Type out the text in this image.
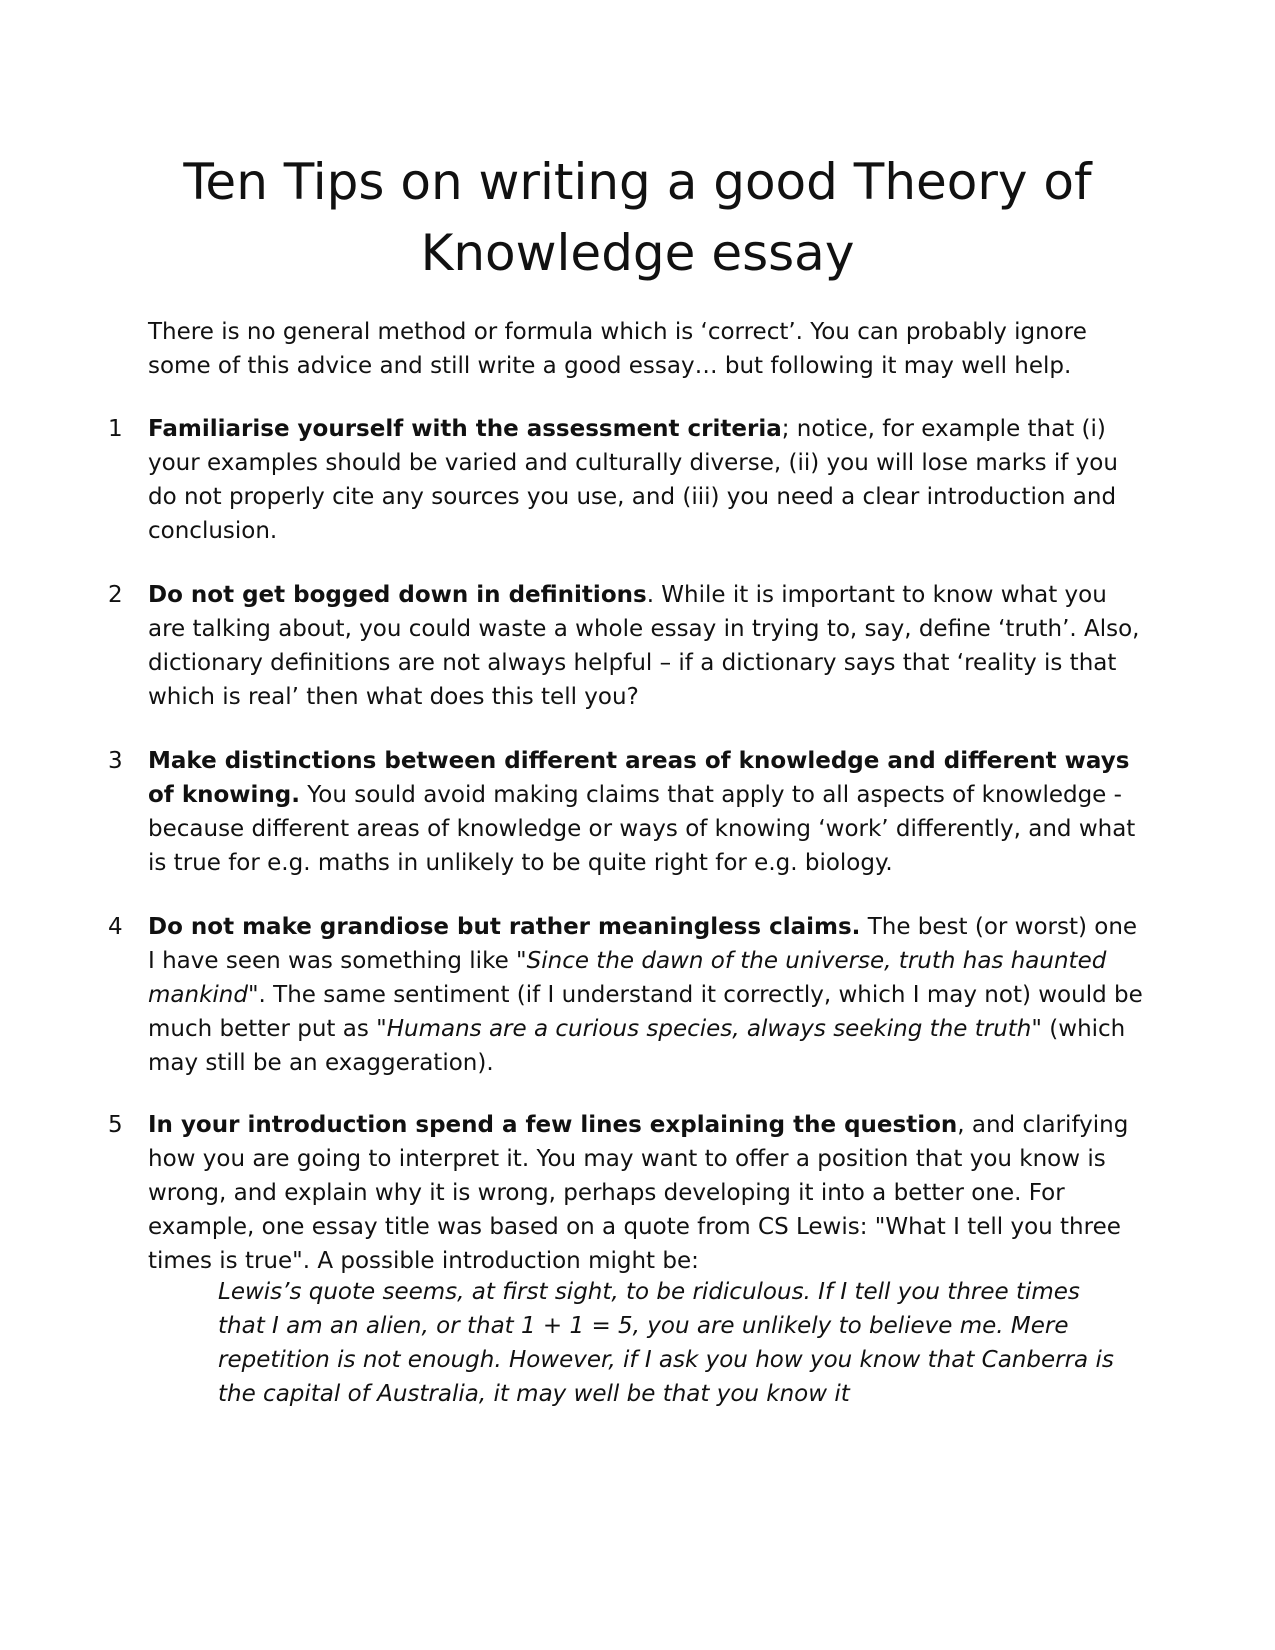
Ten Tips on writing a good Theory of
Knowledge essay

There is no general method or formula which is ‘correct’. You can probably ignore some of this advice and still write a good essay… but following it may well help.

1	Familiarise yourself with the assessment criteria; notice, for example that (i) your examples should be varied and culturally diverse, (ii) you will lose marks if you do not properly cite any sources you use, and (iii) you need a clear introduction and conclusion.

2	Do not get bogged down in definitions. While it is important to know what you are talking about, you could waste a whole essay in trying to, say, define ‘truth’. Also, dictionary definitions are not always helpful – if a dictionary says that ‘reality is that which is real’ then what does this tell you?

3	Make distinctions between different areas of knowledge and different ways of knowing. You sould avoid making claims that apply to all aspects of knowledge - because different areas of knowledge or ways of knowing ‘work’ differently, and what is true for e.g. maths in unlikely to be quite right for e.g. biology.

4	Do not make grandiose but rather meaningless claims. The best (or worst) one I have seen was something like "Since the dawn of the universe, truth has haunted mankind". The same sentiment (if I understand it correctly, which I may not) would be much better put as "Humans are a curious species, always seeking the truth" (which may still be an exaggeration).

5	In your introduction spend a few lines explaining the question, and clarifying how you are going to interpret it. You may want to offer a position that you know is wrong, and explain why it is wrong, perhaps developing it into a better one. For example, one essay title was based on a quote from CS Lewis: "What I tell you three times is true". A possible introduction might be:

Lewis’s quote seems, at first sight, to be ridiculous. If I tell you three times that I am an alien, or that 1 + 1 = 5, you are unlikely to believe me. Mere repetition is not enough. However, if I ask you how you know that Canberra is the capital of Australia, it may well be that you know it
